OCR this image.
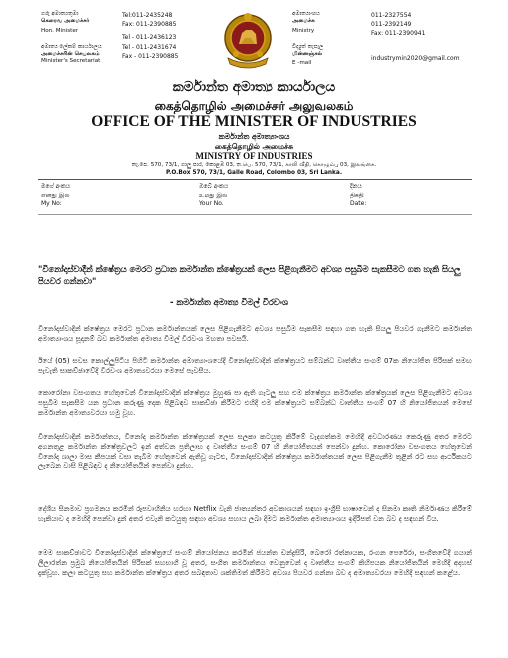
ගරු අමාත්‍යතුමා
கௌரவ அமைச்சர்
Hon. Minister
අමාත්‍ය ලේකම් කාර්යාලය
அமைச்சரின் செயலகம்
Minister's Secretariat
Tel:011-2435248
Fax: 011-2390885
Tel - 011-2436123
Tel - 011-2431674
Fax - 011-2390885
අමාත්‍යාංශය
அமைச்சு
Ministry
විද්‍යුත් තැපැල
மின்னஞ்சல்
E -mail
011-2327554
011-2392149
Fax: 011-2390941
industrymin2020@gmail.com
කර්මාන්ත අමාත්‍ය කාර්යාලය
கைத்தொழில் அமைச்சர் அலுவலகம்
OFFICE OF THE MINISTER OF INDUSTRIES
කර්මාන්ත අමාත්‍යාංශය
கைத்தொழில் அமைச்சு
MINISTRY OF INDUSTRIES
තැ.පෙ. 570, 73/1, ගාලු පාර, කොළඹ 03, ත.பெ. 570, 73/1, காலி வீதி, கொழும்பு 03, இலங்கை.
P.O.Box 570, 73/1, Galle Road, Colombo 03, Sri Lanka.
මගේ අංකය
எனது இல
My No:
ඔබේ අංකය
உமது இல
Your No.
දිනය
திகதி
Date:
"විනෝදාස්වාදීන් ක්ෂේත්‍රය මෙරට ප්‍රධාන කර්මාන්ත ක්ෂේත්‍රයක් ලෙස පිළිගැනීමට අවශ්‍ය පසුබිම සැකසීමට ගත හැකි සියලු පියවර ගන්නවා"
- කර්මාන්ත අමාත්‍ය විමල් වීරවංශ
විනෝදාස්වාදීන් ක්ෂේත්‍රය මෙරට ප්‍රධාන කර්මාන්තයක් ලෙස පිළිගැනීමට අවශ්‍ය පසුබිම සැකසීම සඳහා ගත හැකි සියලු පියවර ගැනීමට කර්මාන්ත අමාත්‍යාංශය සූදානම් බව කර්මාන්ත අමාත්‍ය විමල් වීරවංශ මහතා පවසයි.
ඊයේ (05) සවස කොල්ලුපිටිය පිහිටි කර්මාන්ත අමාත්‍යාංශයේදී විනෝදාස්වාදීන් ක්ෂේත්‍රයට සම්බන්ධ වෘත්තීය සංගම් 07ක නියෝජිත පිරිසක් සමඟ පැවැති සාකච්ඡාවේදී වීරවංශ අමාත්‍යවරයා මෙසේ පැවසීය.
කොරෝනා වසංගතය හේතුවෙන් විනෝදාස්වාදීන් ක්ෂේත්‍රය මුහුණ පා ඇති ගැටලු සහ එම ක්ෂේත්‍රය කර්මාන්ත ක්ෂේත්‍රයක් ලෙස පිළිගැනීමට අවශ්‍ය පසුබිම සැකසීම යන ප්‍රධාන කරුණු දෙක පිළිබඳව සාකච්ඡා කිරීමට එහිදී එම ක්ෂේත්‍රයට සම්බන්ධ වෘත්තීය සංගම් 07 හි නියෝජිතයන් මෙසේ කර්මාන්ත අමාත්‍යවරයා හමු වූහ.
විනෝදාස්වාදීන් කර්මාන්තය, විනෝද කර්මාන්ත ක්ෂේත්‍රයක් ලෙස සලකා කටයුතු කිරීමේ වැදගත්කම මෙහිදී අවධාරණය කෙරුණු අතර මෙරට අගනතුළ කර්මාන්ත ක්ෂේත්‍රවලට ඉන් අත්වන ප්‍රතිලාභ ද වෘත්තීය සංගම් 07 හි නියෝජිතයන් පෙන්වා දුන්හ. කොරෝනා වසංගතය හේතුවෙන් විනෝද ශාලා මාස කීපයක් වසා තැබීම හේතුවෙන් ඇතිවූ ගැටළු, විනෝදාස්වාදීන් ක්ෂේත්‍රය කර්මාන්තයක් ලෙස පිළිගැනීම තුළින් රට සහ ආර්ථිකයට ලැබෙන වාසි පිළිබඳව ද නියෝජිතයින් පෙන්වා දුන්හ.
දේශීය සිනමාව ප්‍රගමනය කරමින් රූපවාහිනිය හරහා Netflix වැනි ජාත්‍යන්තර අවකාශයන් සඳහා ඉංග්‍රීසි භාෂාවෙන් ද සිනමා කෘති නිර්මාණය කිරීමේ හැකියාව ද මෙහිදී පෙන්වා දුන් අතර එවැනි කටයුතු සඳහා අවශ්‍ය සහාය ලබා දීමට කර්මාන්ත අමාත්‍යාංශය ඉදිරිපත් වන බව ද සඳහන් විය.
මෙම සාකච්ඡාවට විනෝදාස්වාදීන් ක්ෂේත්‍රයේ සංගම් නියෝජනය කරමින් ජයන්ත චන්ද්‍රසිරි, බෙරෝ රත්නායක, රංගන පෙරේරා, සංගීතවේදී ගයාන් ලීලාරත්න ප්‍රමුඛ නියෝජිතයින් පිරිසක් සහභාගී වූ අතර, සංගීත කර්මාන්තය වෙනුවෙන් ද වෘත්තීය සංගම් කිහිපයක නියෝජිතයින් මෙහිදී අදහස් දැක්වූහ. කලා කටයුතු සහ කර්මාන්ත ක්ෂේත්‍රය අතර සබඳතාව ශක්තිමත් කිරීමට අවශ්‍ය පියවර ගන්නා බව ද අමාත්‍යවරයා මෙහිදී සඳහන් කළේය.
